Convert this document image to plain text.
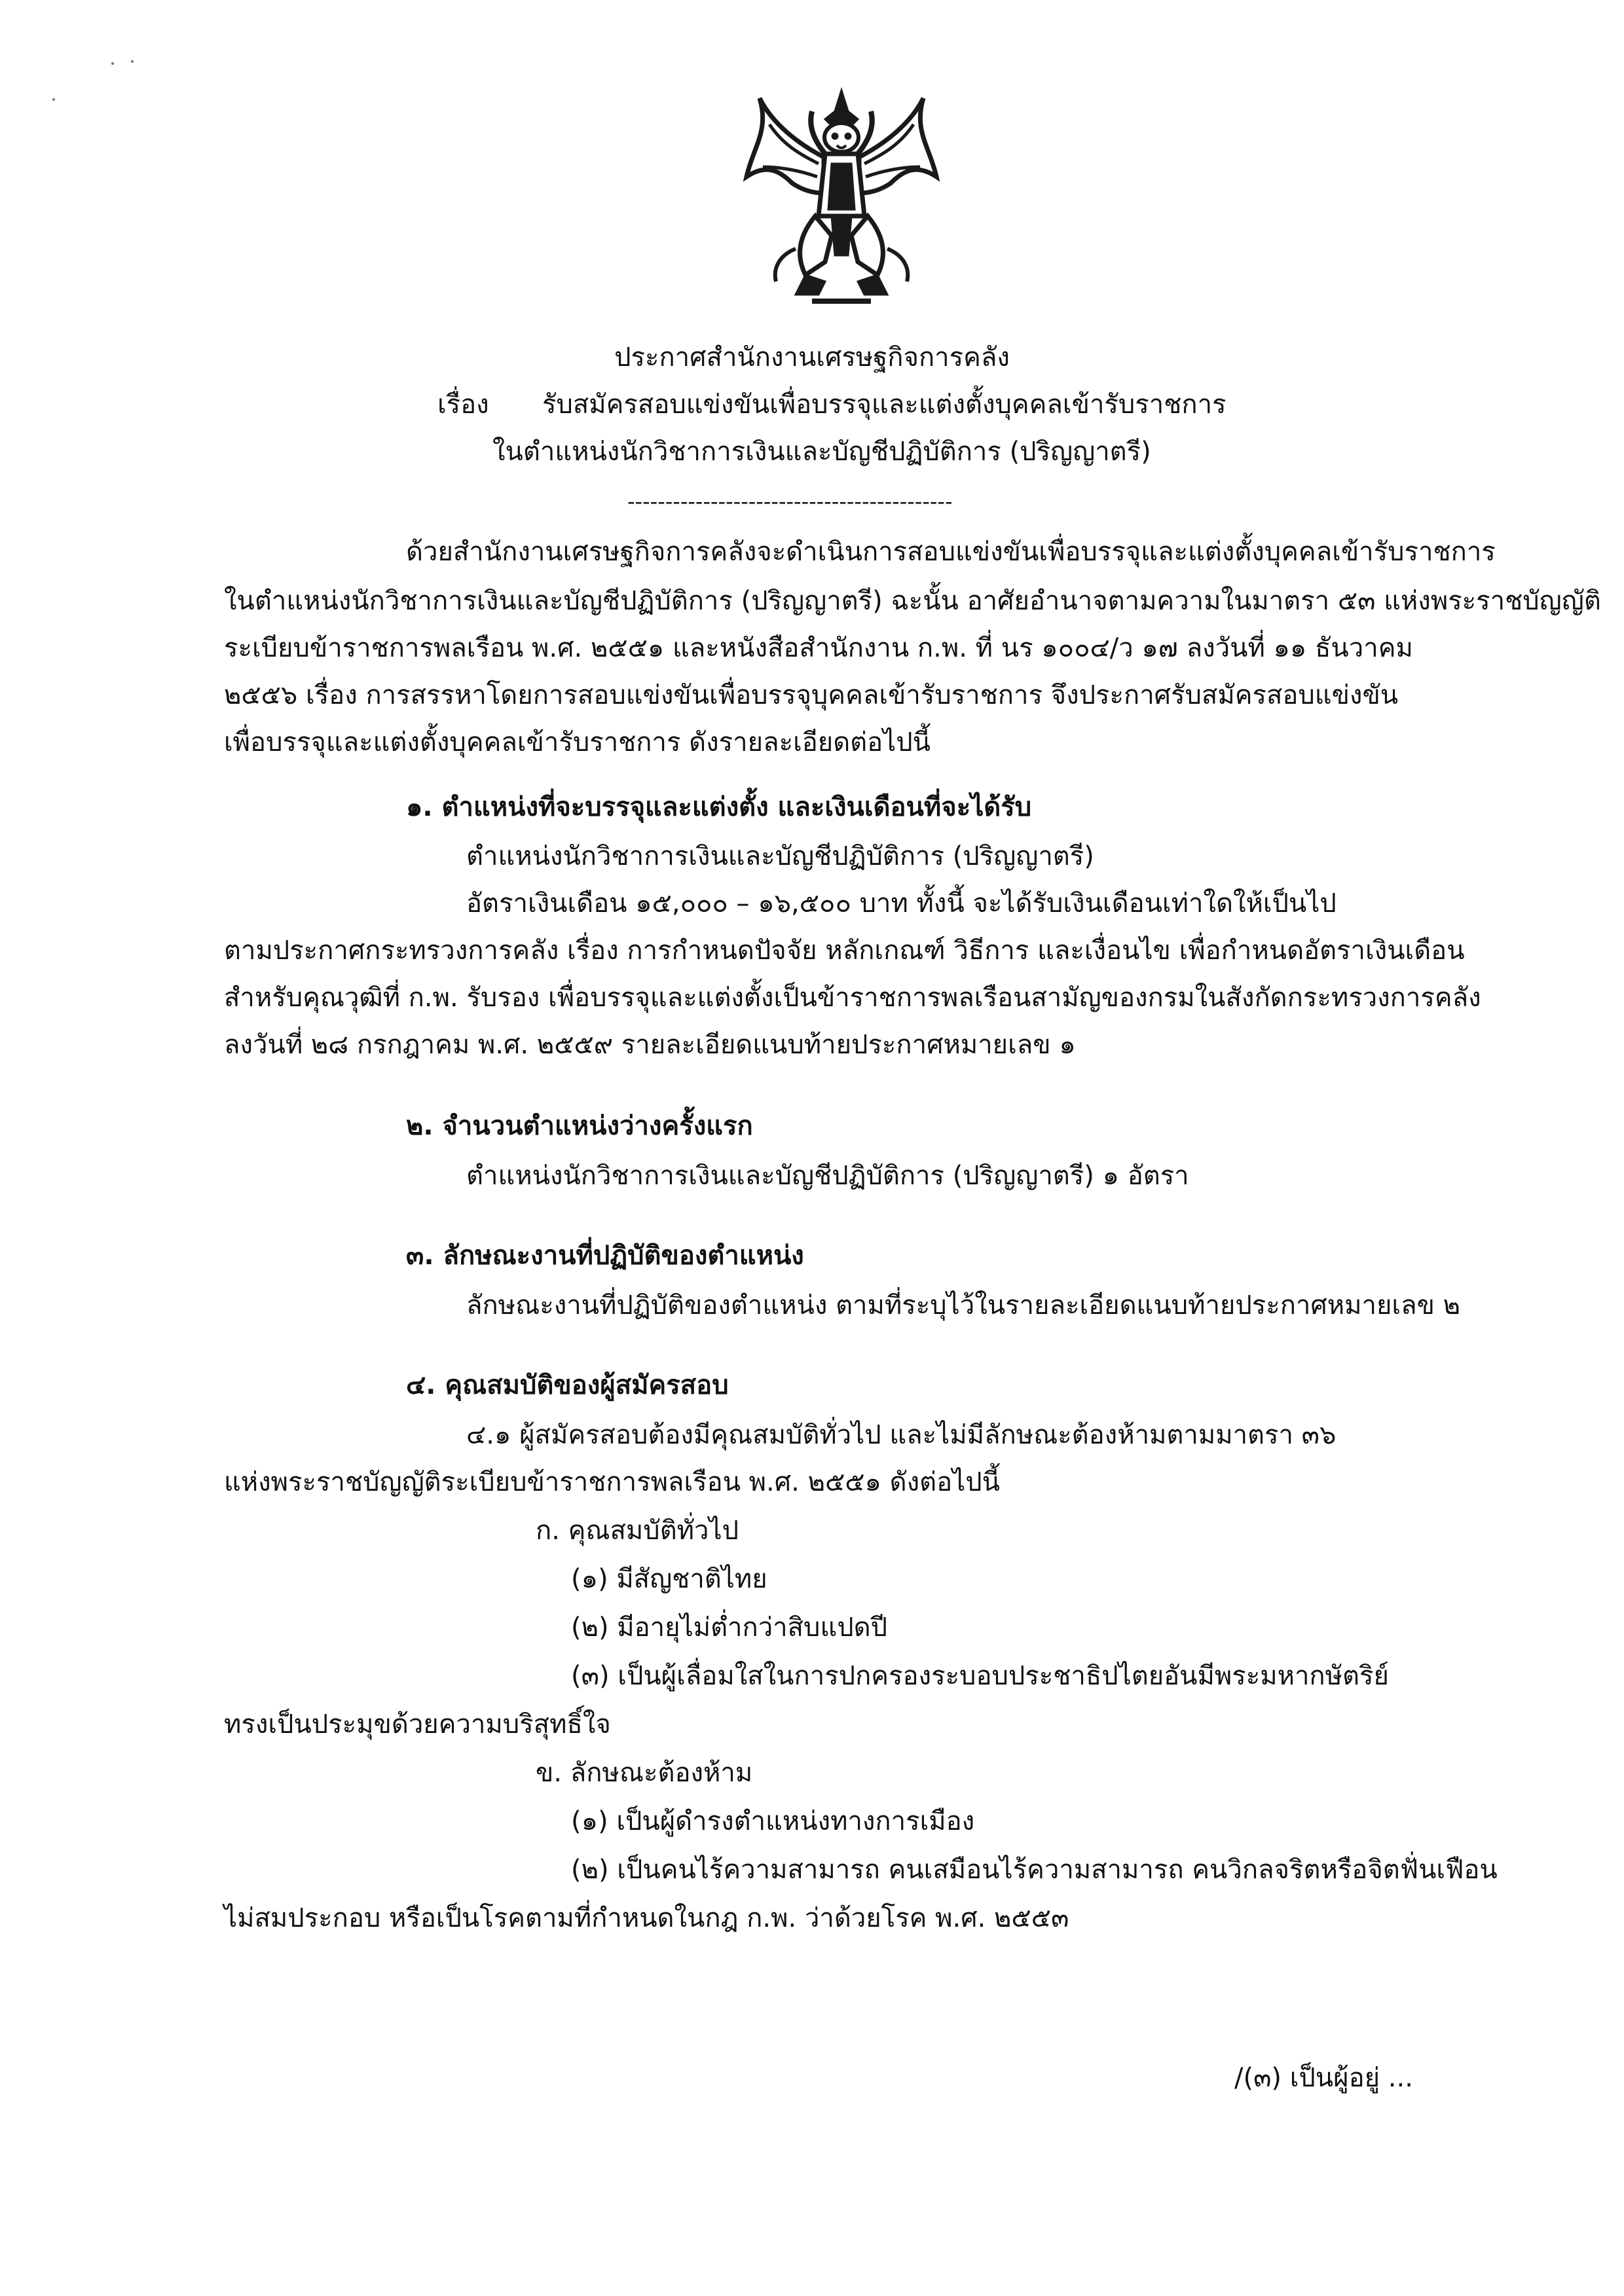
ประกาศสำนักงานเศรษฐกิจการคลัง
เรื่อง รับสมัครสอบแข่งขันเพื่อบรรจุและแต่งตั้งบุคคลเข้ารับราชการ
ในตำแหน่งนักวิชาการเงินและบัญชีปฏิบัติการ (ปริญญาตรี)
-------------------------------------------
ด้วยสำนักงานเศรษฐกิจการคลังจะดำเนินการสอบแข่งขันเพื่อบรรจุและแต่งตั้งบุคคลเข้ารับราชการ
ในตำแหน่งนักวิชาการเงินและบัญชีปฏิบัติการ (ปริญญาตรี) ฉะนั้น อาศัยอำนาจตามความในมาตรา ๕๓ แห่งพระราชบัญญัติ
ระเบียบข้าราชการพลเรือน พ.ศ. ๒๕๕๑ และหนังสือสำนักงาน ก.พ. ที่ นร ๑๐๐๔/ว ๑๗ ลงวันที่ ๑๑ ธันวาคม
๒๕๕๖ เรื่อง การสรรหาโดยการสอบแข่งขันเพื่อบรรจุบุคคลเข้ารับราชการ จึงประกาศรับสมัครสอบแข่งขัน
เพื่อบรรจุและแต่งตั้งบุคคลเข้ารับราชการ ดังรายละเอียดต่อไปนี้
๑. ตำแหน่งที่จะบรรจุและแต่งตั้ง และเงินเดือนที่จะได้รับ
ตำแหน่งนักวิชาการเงินและบัญชีปฏิบัติการ (ปริญญาตรี)
อัตราเงินเดือน ๑๕,๐๐๐ – ๑๖,๕๐๐ บาท ทั้งนี้ จะได้รับเงินเดือนเท่าใดให้เป็นไป
ตามประกาศกระทรวงการคลัง เรื่อง การกำหนดปัจจัย หลักเกณฑ์ วิธีการ และเงื่อนไข เพื่อกำหนดอัตราเงินเดือน
สำหรับคุณวุฒิที่ ก.พ. รับรอง เพื่อบรรจุและแต่งตั้งเป็นข้าราชการพลเรือนสามัญของกรมในสังกัดกระทรวงการคลัง
ลงวันที่ ๒๘ กรกฎาคม พ.ศ. ๒๕๕๙ รายละเอียดแนบท้ายประกาศหมายเลข ๑
๒. จำนวนตำแหน่งว่างครั้งแรก
ตำแหน่งนักวิชาการเงินและบัญชีปฏิบัติการ (ปริญญาตรี) ๑ อัตรา
๓. ลักษณะงานที่ปฏิบัติของตำแหน่ง
ลักษณะงานที่ปฏิบัติของตำแหน่ง ตามที่ระบุไว้ในรายละเอียดแนบท้ายประกาศหมายเลข ๒
๔. คุณสมบัติของผู้สมัครสอบ
๔.๑ ผู้สมัครสอบต้องมีคุณสมบัติทั่วไป และไม่มีลักษณะต้องห้ามตามมาตรา ๓๖
แห่งพระราชบัญญัติระเบียบข้าราชการพลเรือน พ.ศ. ๒๕๕๑ ดังต่อไปนี้
ก. คุณสมบัติทั่วไป
(๑) มีสัญชาติไทย
(๒) มีอายุไม่ต่ำกว่าสิบแปดปี
(๓) เป็นผู้เลื่อมใสในการปกครองระบอบประชาธิปไตยอันมีพระมหากษัตริย์
ทรงเป็นประมุขด้วยความบริสุทธิ์ใจ
ข. ลักษณะต้องห้าม
(๑) เป็นผู้ดำรงตำแหน่งทางการเมือง
(๒) เป็นคนไร้ความสามารถ คนเสมือนไร้ความสามารถ คนวิกลจริตหรือจิตฟั่นเฟือน
ไม่สมประกอบ หรือเป็นโรคตามที่กำหนดในกฎ ก.พ. ว่าด้วยโรค พ.ศ. ๒๕๕๓
/(๓) เป็นผู้อยู่ ...
